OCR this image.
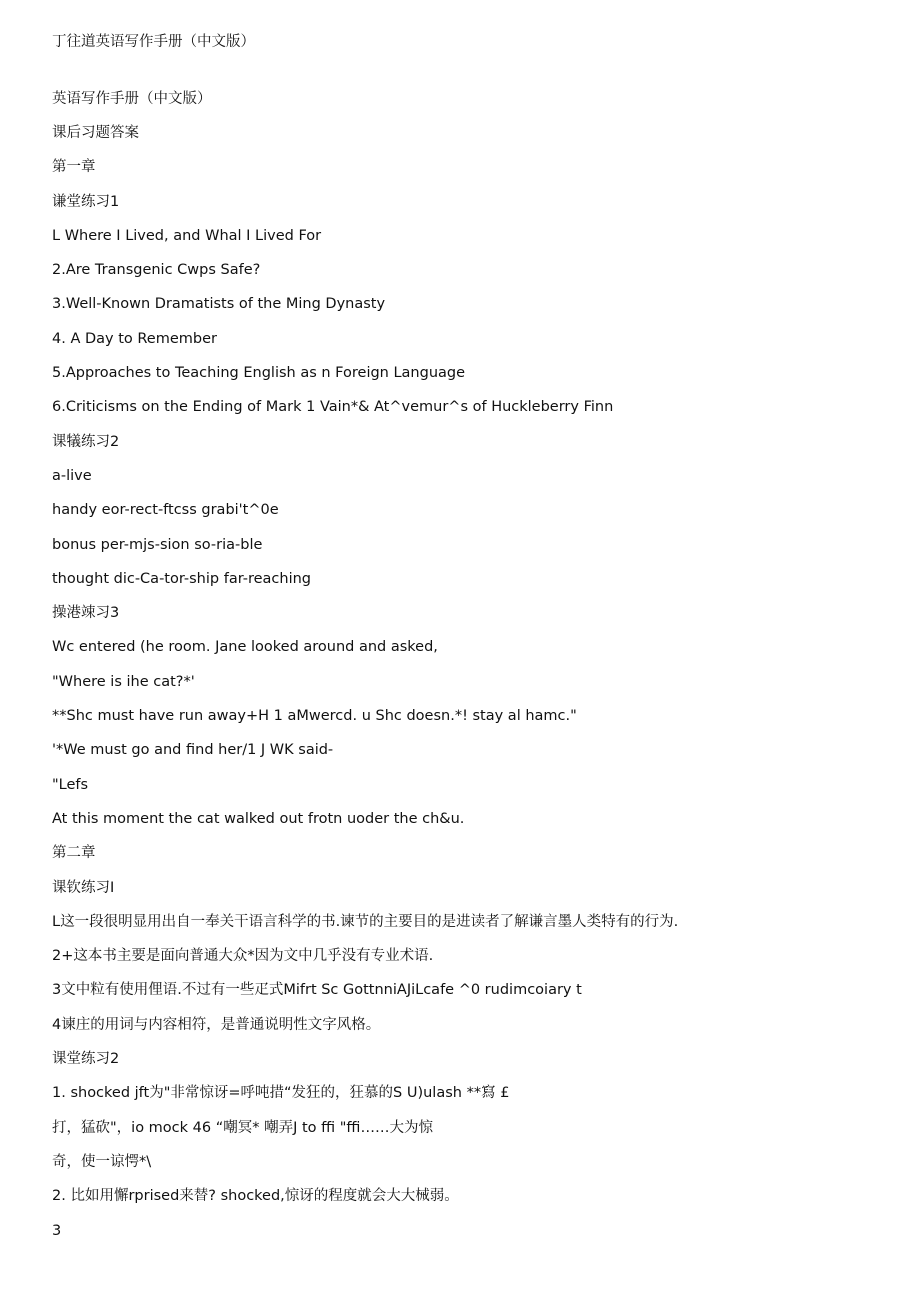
丁往道英语写作手册（中文版）
英语写作手册（中文版）
课后习题答案
第一章
谦堂练习1
L Where I Lived, and Whal I Lived For
2.Are Transgenic Cwps Safe?
3.Well-Known Dramatists of the Ming Dynasty
4. A Day to Remember
5.Approaches to Teaching English as n Foreign Language
6.Criticisms on the Ending of Mark 1 Vain*& At^vemur^s of Huckleberry Finn
课犠练习2
a-live
handy eor-rect-ftcss grabi't^0e
bonus per-mjs-sion so-ria-ble
thought dic-Ca-tor-ship far-reaching
操港竦习3
Wc entered (he room. Jane looked around and asked,
"Where is ihe cat?*'
**Shc must have run away+H 1 aMwercd. u Shc doesn.*! stay al hamc."
'*We must go and find her/1 J WK said-
"Lefs
At this moment the cat walked out frotn uoder the ch&u.
第二章
课钦练习I
L这一段很明显用出自一奉关干语言科学的书.谏节的主要目的是进读者了解谦言墨人类特有的行为.
2+这本书主要是面向普通大众*因为文中几乎没有专业术语.
3文中粒有使用俚语.不过有一些疋式Mifrt Sc GottnniAJiLcafe ^0 rudimcoiary t
4谏庄的用词与内容相符，是普通说明性文字风格。
课堂练习2
1. shocked jft为"非常惊讶=呼吨措“发狂的，狂慕的S U)ulash **寫 £
打，猛砍"，io mock 46 “嘲冥* 嘲弄J to ffi "ffi……大为惊
奇，使一谅愕*\
2. 比如用懈rprised来替? shocked,惊讶的程度就会大大械弱。
3
